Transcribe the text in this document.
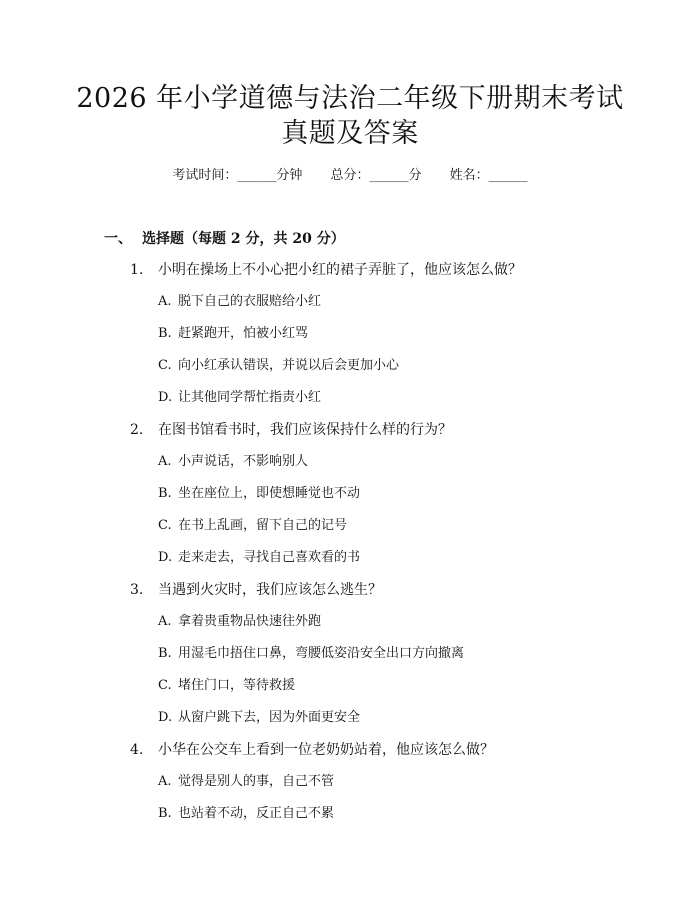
2026 年小学道德与法治二年级下册期末考试
真题及答案
考试时间：______分钟 总分：______分 姓名：______
一、 选择题（每题 2 分，共 20 分）
1. 小明在操场上不小心把小红的裙子弄脏了，他应该怎么做？
A. 脱下自己的衣服赔给小红
B. 赶紧跑开，怕被小红骂
C. 向小红承认错误，并说以后会更加小心
D. 让其他同学帮忙指责小红
2. 在图书馆看书时，我们应该保持什么样的行为？
A. 小声说话，不影响别人
B. 坐在座位上，即使想睡觉也不动
C. 在书上乱画，留下自己的记号
D. 走来走去，寻找自己喜欢看的书
3. 当遇到火灾时，我们应该怎么逃生？
A. 拿着贵重物品快速往外跑
B. 用湿毛巾捂住口鼻，弯腰低姿沿安全出口方向撤离
C. 堵住门口，等待救援
D. 从窗户跳下去，因为外面更安全
4. 小华在公交车上看到一位老奶奶站着，他应该怎么做？
A. 觉得是别人的事，自己不管
B. 也站着不动，反正自己不累
